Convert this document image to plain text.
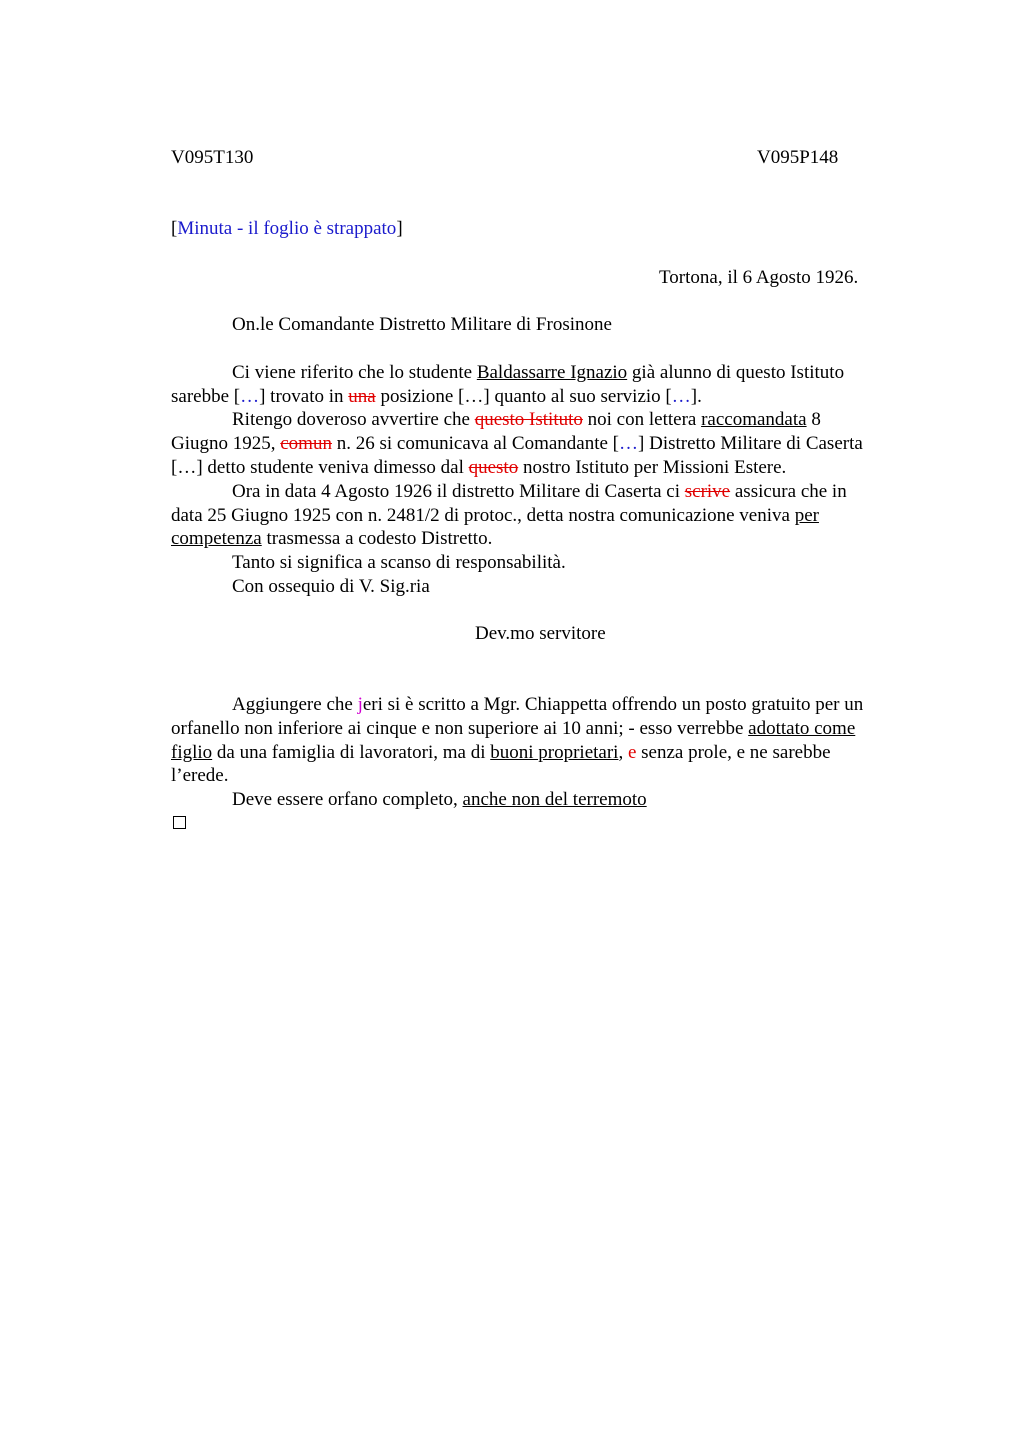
V095T130	V095P148
[Minuta - il foglio è strappato]
Tortona, il 6 Agosto 1926.
On.le Comandante Distretto Militare di Frosinone
Ci viene riferito che lo studente Baldassarre Ignazio già alunno di questo Istituto
sarebbe […] trovato in una posizione […] quanto al suo servizio […].
Ritengo doveroso avvertire che questo Istituto noi con lettera raccomandata 8
Giugno 1925, comun n. 26 si comunicava al Comandante […] Distretto Militare di Caserta
[…] detto studente veniva dimesso dal questo nostro Istituto per Missioni Estere.
Ora in data 4 Agosto 1926 il distretto Militare di Caserta ci scrive assicura che in
data 25 Giugno 1925 con n. 2481/2 di protoc., detta nostra comunicazione veniva per
competenza trasmessa a codesto Distretto.
Tanto si significa a scanso di responsabilità.
Con ossequio di V. Sig.ria
Dev.mo servitore
Aggiungere che jeri si è scritto a Mgr. Chiappetta offrendo un posto gratuito per un
orfanello non inferiore ai cinque e non superiore ai 10 anni; - esso verrebbe adottato come
figlio da una famiglia di lavoratori, ma di buoni proprietari, e senza prole, e ne sarebbe
l’erede.
Deve essere orfano completo, anche non del terremoto
